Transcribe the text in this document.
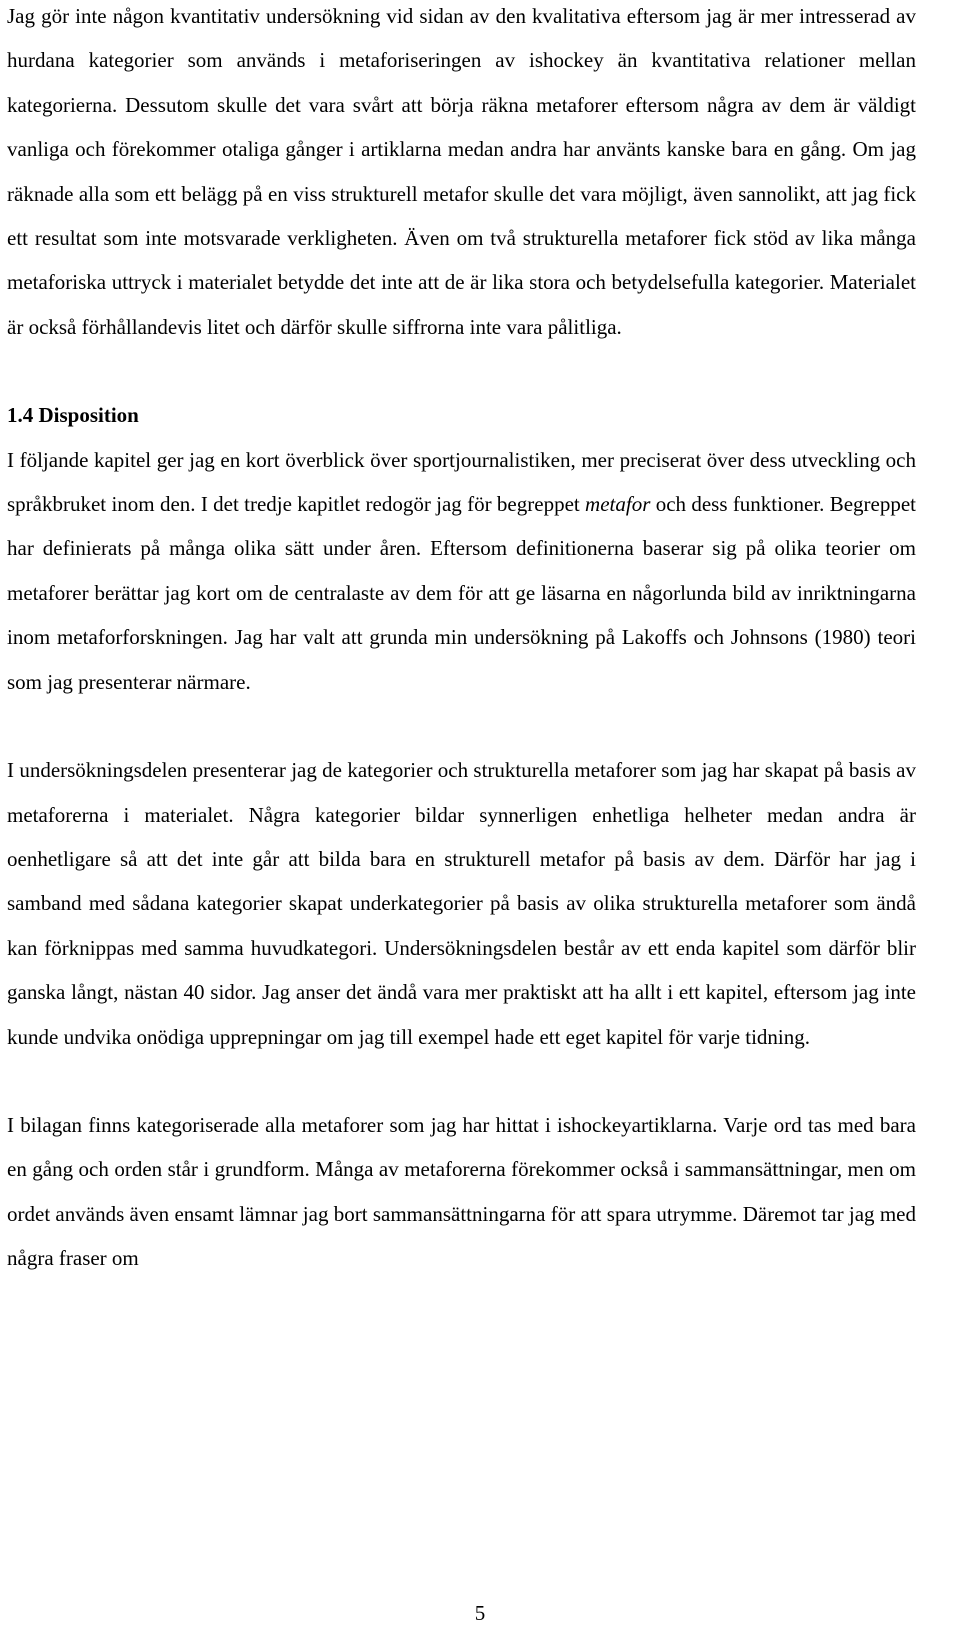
Jag gör inte någon kvantitativ undersökning vid sidan av den kvalitativa eftersom jag är mer intresserad av hurdana kategorier som används i metaforiseringen av ishockey än kvantitativa relationer mellan kategorierna. Dessutom skulle det vara svårt att börja räkna metaforer eftersom några av dem är väldigt vanliga och förekommer otaliga gånger i artiklarna medan andra har använts kanske bara en gång. Om jag räknade alla som ett belägg på en viss strukturell metafor skulle det vara möjligt, även sannolikt, att jag fick ett resultat som inte motsvarade verkligheten. Även om två strukturella metaforer fick stöd av lika många metaforiska uttryck i materialet betydde det inte att de är lika stora och betydelsefulla kategorier. Materialet är också förhållandevis litet och därför skulle siffrorna inte vara pålitliga.

1.4 Disposition

I följande kapitel ger jag en kort överblick över sportjournalistiken, mer preciserat över dess utveckling och språkbruket inom den. I det tredje kapitlet redogör jag för begreppet metafor och dess funktioner. Begreppet har definierats på många olika sätt under åren. Eftersom definitionerna baserar sig på olika teorier om metaforer berättar jag kort om de centralaste av dem för att ge läsarna en någorlunda bild av inriktningarna inom metaforforskningen. Jag har valt att grunda min undersökning på Lakoffs och Johnsons (1980) teori som jag presenterar närmare.

I undersökningsdelen presenterar jag de kategorier och strukturella metaforer som jag har skapat på basis av metaforerna i materialet. Några kategorier bildar synnerligen enhetliga helheter medan andra är oenhetligare så att det inte går att bilda bara en strukturell metafor på basis av dem. Därför har jag i samband med sådana kategorier skapat underkategorier på basis av olika strukturella metaforer som ändå kan förknippas med samma huvudkategori. Undersökningsdelen består av ett enda kapitel som därför blir ganska långt, nästan 40 sidor. Jag anser det ändå vara mer praktiskt att ha allt i ett kapitel, eftersom jag inte kunde undvika onödiga upprepningar om jag till exempel hade ett eget kapitel för varje tidning.

I bilagan finns kategoriserade alla metaforer som jag har hittat i ishockeyartiklarna. Varje ord tas med bara en gång och orden står i grundform. Många av metaforerna förekommer också i sammansättningar, men om ordet används även ensamt lämnar jag bort sammansättningarna för att spara utrymme. Däremot tar jag med några fraser om

5
